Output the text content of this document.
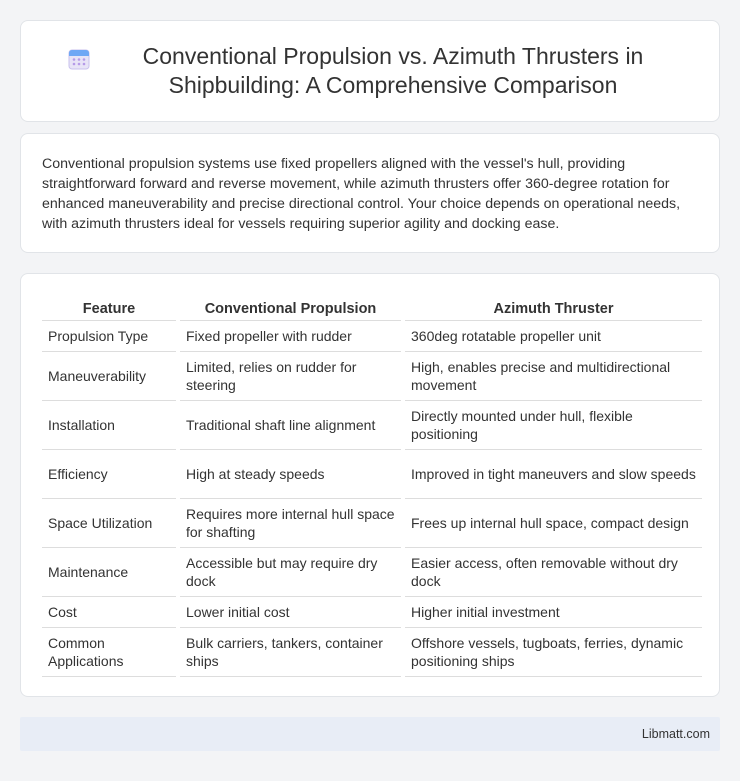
Conventional Propulsion vs. Azimuth Thrusters in Shipbuilding: A Comprehensive Comparison

Conventional propulsion systems use fixed propellers aligned with the vessel's hull, providing straightforward forward and reverse movement, while azimuth thrusters offer 360-degree rotation for enhanced maneuverability and precise directional control. Your choice depends on operational needs, with azimuth thrusters ideal for vessels requiring superior agility and docking ease.

Feature	Conventional Propulsion	Azimuth Thruster
Propulsion Type	Fixed propeller with rudder	360deg rotatable propeller unit
Maneuverability	Limited, relies on rudder for steering	High, enables precise and multidirectional movement
Installation	Traditional shaft line alignment	Directly mounted under hull, flexible positioning
Efficiency	High at steady speeds	Improved in tight maneuvers and slow speeds
Space Utilization	Requires more internal hull space for shafting	Frees up internal hull space, compact design
Maintenance	Accessible but may require dry dock	Easier access, often removable without dry dock
Cost	Lower initial cost	Higher initial investment
Common Applications	Bulk carriers, tankers, container ships	Offshore vessels, tugboats, ferries, dynamic positioning ships
Libmatt.com
